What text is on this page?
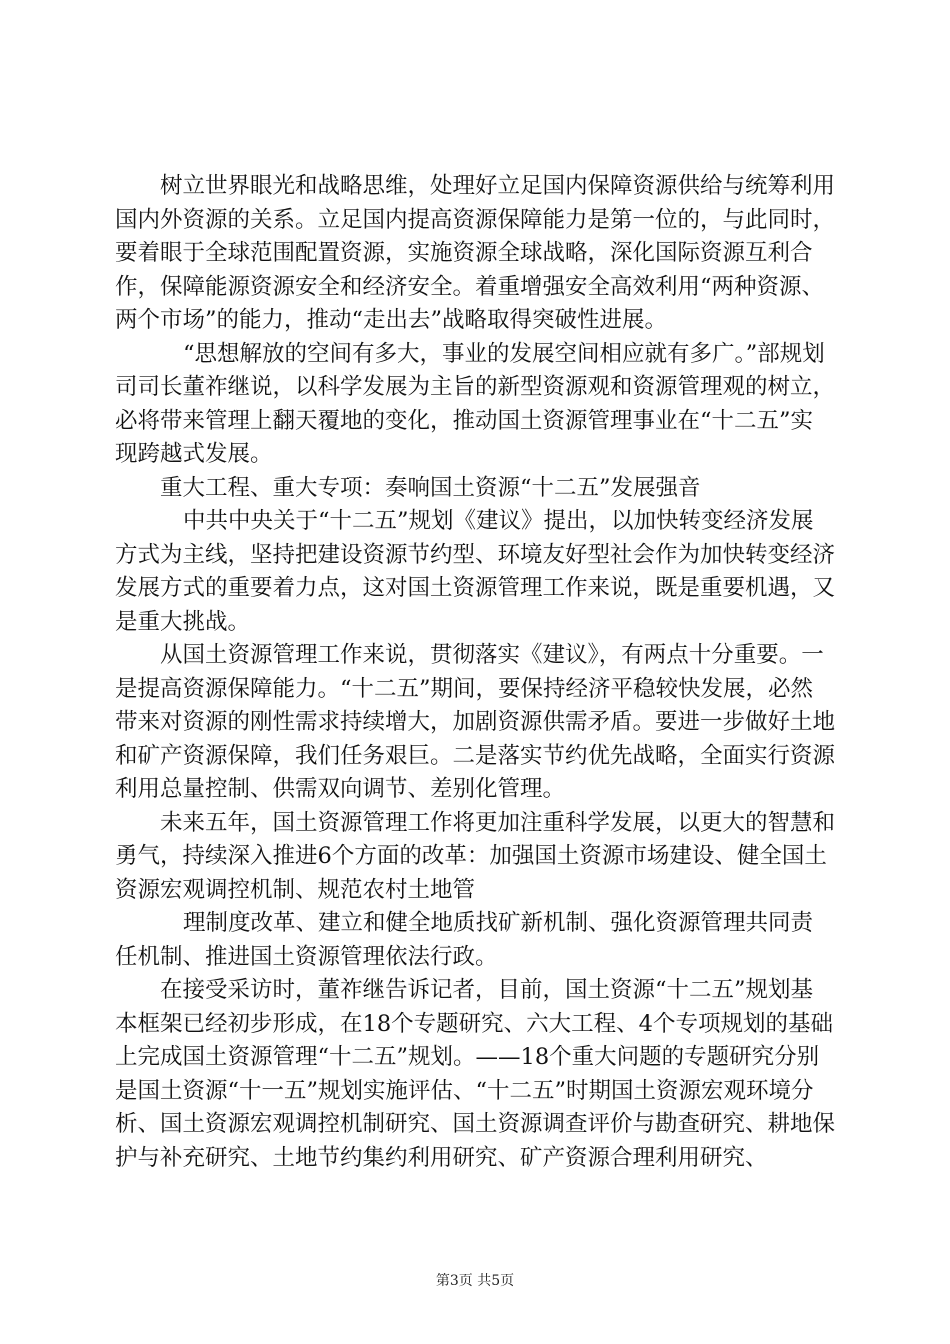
树立世界眼光和战略思维，处理好立足国内保障资源供给与统筹利用国内外资源的关系。立足国内提高资源保障能力是第一位的，与此同时，要着眼于全球范围配置资源，实施资源全球战略，深化国际资源互利合作，保障能源资源安全和经济安全。着重增强安全高效利用“两种资源、两个市场”的能力，推动“走出去”战略取得突破性进展。

“思想解放的空间有多大，事业的发展空间相应就有多广。”部规划司司长董祚继说，以科学发展为主旨的新型资源观和资源管理观的树立，必将带来管理上翻天覆地的变化，推动国土资源管理事业在“十二五”实现跨越式发展。

重大工程、重大专项：奏响国土资源“十二五”发展强音

中共中央关于“十二五”规划《建议》提出，以加快转变经济发展方式为主线，坚持把建设资源节约型、环境友好型社会作为加快转变经济发展方式的重要着力点，这对国土资源管理工作来说，既是重要机遇，又是重大挑战。

从国土资源管理工作来说，贯彻落实《建议》，有两点十分重要。一是提高资源保障能力。“十二五”期间，要保持经济平稳较快发展，必然带来对资源的刚性需求持续增大，加剧资源供需矛盾。要进一步做好土地和矿产资源保障，我们任务艰巨。二是落实节约优先战略，全面实行资源利用总量控制、供需双向调节、差别化管理。

未来五年，国土资源管理工作将更加注重科学发展，以更大的智慧和勇气，持续深入推进6个方面的改革：加强国土资源市场建设、健全国土资源宏观调控机制、规范农村土地管

理制度改革、建立和健全地质找矿新机制、强化资源管理共同责任机制、推进国土资源管理依法行政。

在接受采访时，董祚继告诉记者，目前，国土资源“十二五”规划基本框架已经初步形成，在18个专题研究、六大工程、4个专项规划的基础上完成国土资源管理“十二五”规划。——18个重大问题的专题研究分别是国土资源“十一五”规划实施评估、“十二五”时期国土资源宏观环境分析、国土资源宏观调控机制研究、国土资源调查评价与勘查研究、耕地保护与补充研究、土地节约集约利用研究、矿产资源合理利用研究、

第3页 共5页
